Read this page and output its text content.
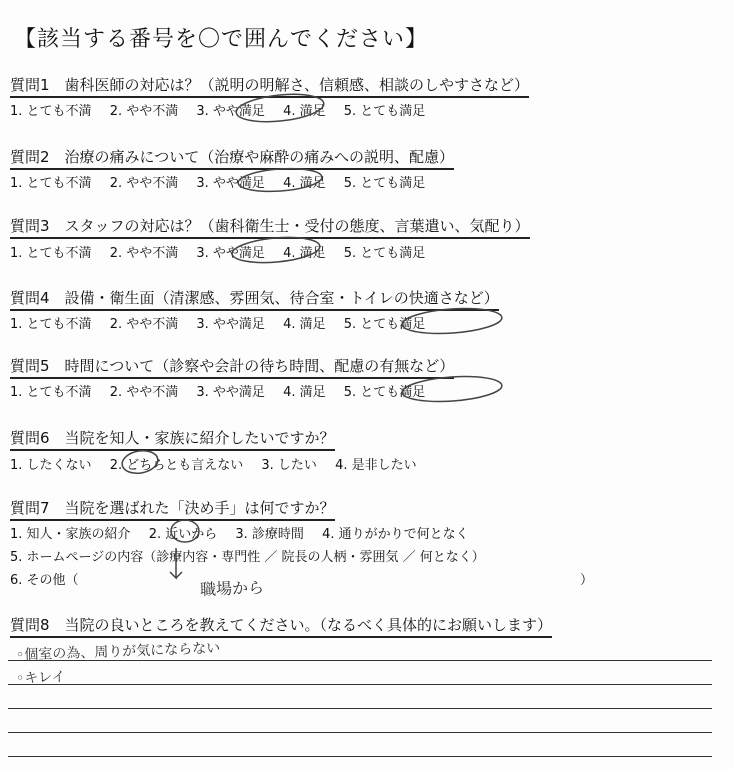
【該当する番号を〇で囲んでください】
質問1　歯科医師の対応は？（説明の明解さ、信頼感、相談のしやすさなど）
1. とても不満 2. やや不満 3. やや満足 4. 満足 5. とても満足
質問2　治療の痛みについて（治療や麻酔の痛みへの説明、配慮）
1. とても不満 2. やや不満 3. やや満足 4. 満足 5. とても満足
質問3　スタッフの対応は？（歯科衛生士・受付の態度、言葉遣い、気配り）
1. とても不満 2. やや不満 3. やや満足 4. 満足 5. とても満足
質問4　設備・衛生面（清潔感、雰囲気、待合室・トイレの快適さなど）
1. とても不満 2. やや不満 3. やや満足 4. 満足 5. とても満足
質問5　時間について（診察や会計の待ち時間、配慮の有無など）
1. とても不満 2. やや不満 3. やや満足 4. 満足 5. とても満足
質問6　当院を知人・家族に紹介したいですか？
1. したくない 2. どちらとも言えない 3. したい 4. 是非したい
質問7　当院を選ばれた「決め手」は何ですか？
1. 知人・家族の紹介 2. 近いから 3. 診療時間 4. 通りがかりで何となく
5. ホームページの内容（診療内容・専門性 ／ 院長の人柄・雰囲気 ／ 何となく）
6. その他（	）
職場から
質問8　当院の良いところを教えてください。（なるべく具体的にお願いします）
◦個室の為、周りが気にならない
◦キレイ
